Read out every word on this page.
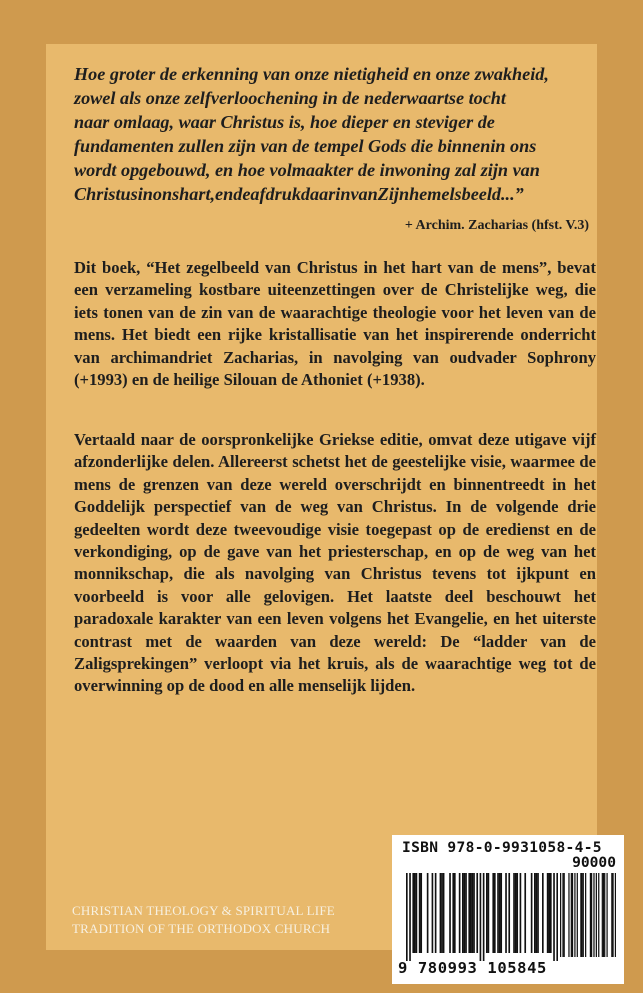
Hoe groter de erkenning van onze nietigheid en onze zwakheid,

zowel als onze zelfverloochening in de nederwaartse tocht

naar omlaag, waar Christus is, hoe dieper en steviger de

fundamenten zullen zijn van de tempel Gods die binnenin ons

wordt opgebouwd, en hoe volmaakter de inwoning zal zijn van

Christusinonshart,endeafdrukdaarinvanZijnhemelsbeeld...”

+ Archim. Zacharias (hfst. V.3)

Dit boek, “Het zegelbeeld van Christus in het hart van de mens”, bevat een verzameling kostbare uiteenzettingen over de Christelijke weg, die iets tonen van de zin van de waarachtige theologie voor het leven van de mens. Het biedt een rijke kristallisatie van het inspirerende onderricht van archimandriet Zacharias, in navolging van oudvader Sophrony (+1993) en de heilige Silouan de Athoniet (+1938).

Vertaald naar de oorspronkelijke Griekse editie, omvat deze utigave vijf afzonderlijke delen. Allereerst schetst het de geestelijke visie, waarmee de mens de grenzen van deze wereld overschrijdt en binnentreedt in het Goddelijk perspectief van de weg van Christus. In de volgende drie gedeelten wordt deze tweevoudige visie toegepast op de eredienst en de verkondiging, op de gave van het priesterschap, en op de weg van het monnikschap, die als navolging van Christus tevens tot ijkpunt en voorbeeld is voor alle gelovigen. Het laatste deel beschouwt het paradoxale karakter van een leven volgens het Evangelie, en het uiterste contrast met de waarden van deze wereld: De “ladder van de Zaligsprekingen” verloopt via het kruis, als de waarachtige weg tot de overwinning op de dood en alle menselijk lijden.

CHRISTIAN THEOLOGY & SPIRITUAL LIFE
TRADITION OF THE ORTHODOX CHURCH
ISBN 978-0-9931058-4-5
90000
9 780993 105845
